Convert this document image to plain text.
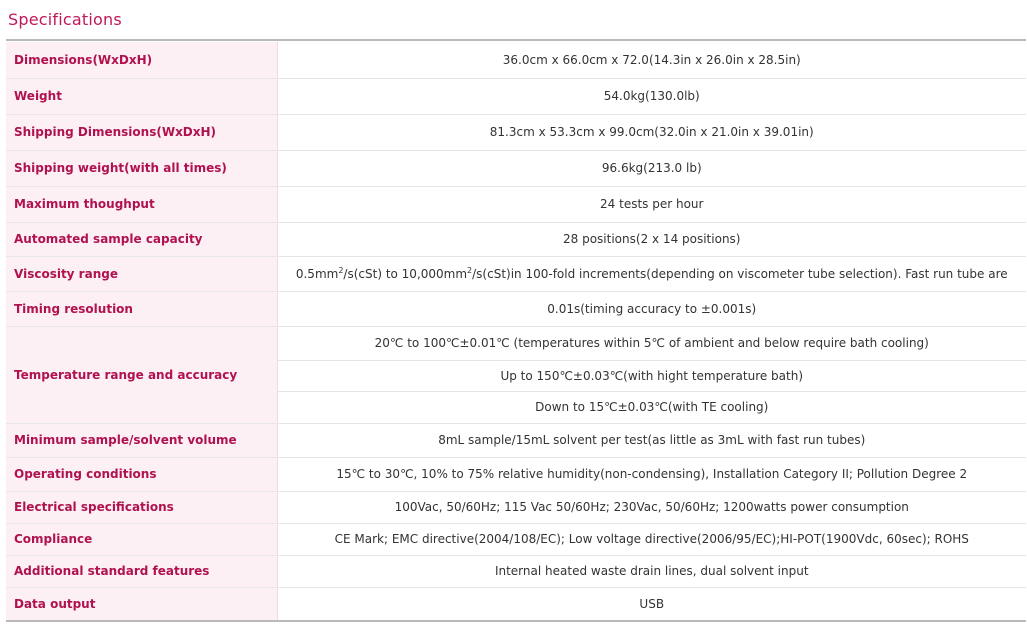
Specifications
Dimensions(WxDxH)	36.0cm x 66.0cm x 72.0(14.3in x 26.0in x 28.5in)
Weight	54.0kg(130.0lb)
Shipping Dimensions(WxDxH)	81.3cm x 53.3cm x 99.0cm(32.0in x 21.0in x 39.01in)
Shipping weight(with all times)	96.6kg(213.0 lb)
Maximum thoughput	24 tests per hour
Automated sample capacity	28 positions(2 x 14 positions)
Viscosity range	$0.5mm^2/s(cSt)$ to $10,000mm^2/s(cSt)in$ 100-fold increments(depending on viscometer tube selection). Fast run tube are
Timing resolution	0.01s(timing accuracy to ±0.001s)
Temperature range and accuracy	20℃ to 100℃±0.01℃ (temperatures within 5℃ of ambient and below require bath cooling)
	Up to 150℃±0.03℃(with hight temperature bath)
	Down to 15℃±0.03℃(with TE cooling)
Minimum sample/solvent volume	8mL sample/15mL solvent per test(as little as 3mL with fast run tubes)
Operating conditions	15℃ to 30℃, 10% to 75% relative humidity(non-condensing), Installation Category II; Pollution Degree 2
Electrical specifications	100Vac, 50/60Hz; 115 Vac 50/60Hz; 230Vac, 50/60Hz; 1200watts power consumption
Compliance	CE Mark; EMC directive(2004/108/EC); Low voltage directive(2006/95/EC);HI-POT(1900Vdc, 60sec); ROHS
Additional standard features	Internal heated waste drain lines, dual solvent input
Data output	USB
